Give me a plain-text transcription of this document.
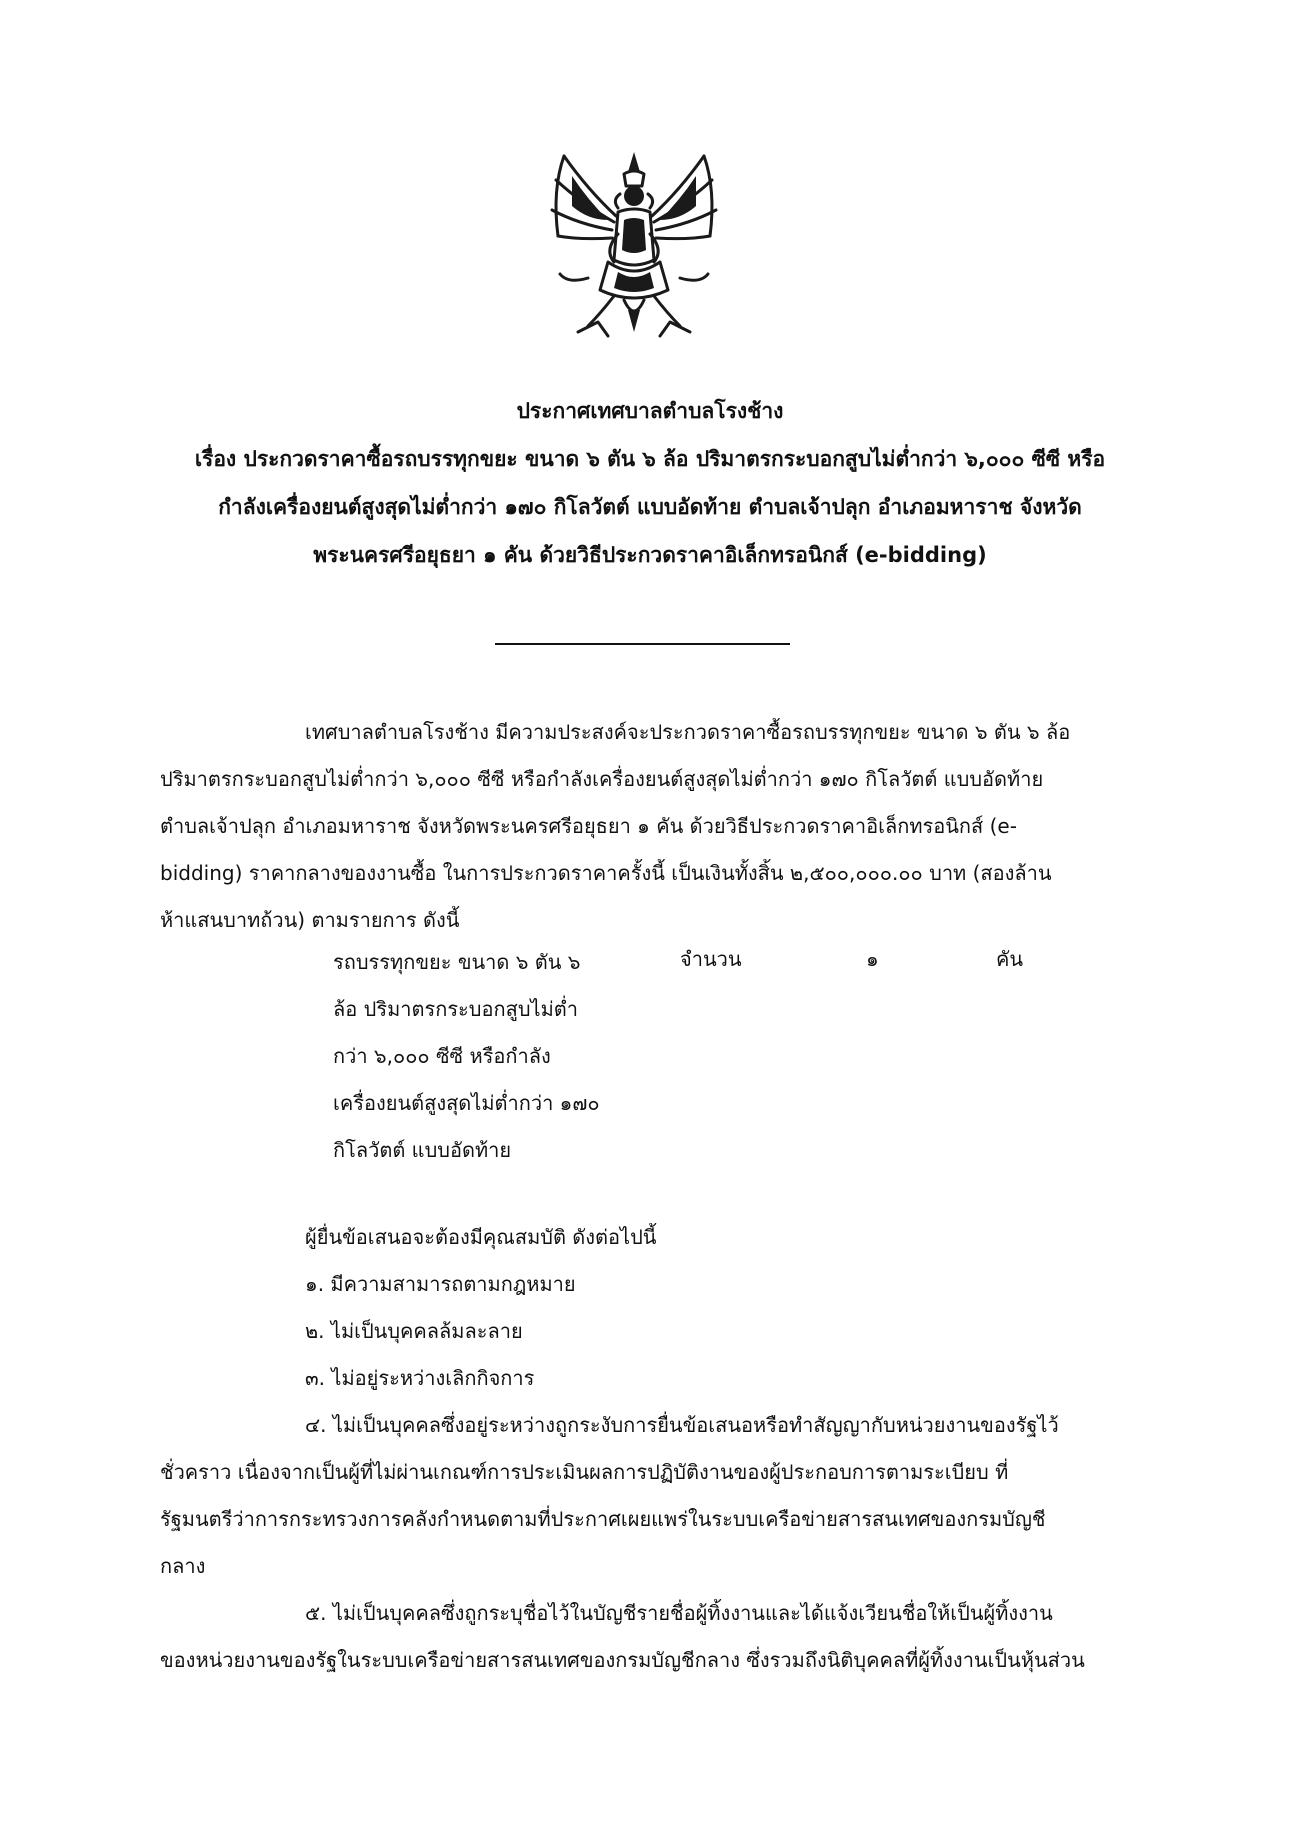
ประกาศเทศบาลตำบลโรงช้าง
เรื่อง ประกวดราคาซื้อรถบรรทุกขยะ ขนาด ๖ ตัน ๖ ล้อ ปริมาตรกระบอกสูบไม่ต่ำกว่า ๖,๐๐๐ ซีซี หรือ
กำลังเครื่องยนต์สูงสุดไม่ต่ำกว่า ๑๗๐ กิโลวัตต์ แบบอัดท้าย ตำบลเจ้าปลุก อำเภอมหาราช จังหวัด
พระนครศรีอยุธยา ๑ คัน ด้วยวิธีประกวดราคาอิเล็กทรอนิกส์ (e-bidding)
เทศบาลตำบลโรงช้าง มีความประสงค์จะประกวดราคาซื้อรถบรรทุกขยะ ขนาด ๖ ตัน ๖ ล้อ
ปริมาตรกระบอกสูบไม่ต่ำกว่า ๖,๐๐๐ ซีซี หรือกำลังเครื่องยนต์สูงสุดไม่ต่ำกว่า ๑๗๐ กิโลวัตต์ แบบอัดท้าย
ตำบลเจ้าปลุก อำเภอมหาราช จังหวัดพระนครศรีอยุธยา ๑ คัน ด้วยวิธีประกวดราคาอิเล็กทรอนิกส์ (e-
bidding) ราคากลางของงานซื้อ ในการประกวดราคาครั้งนี้ เป็นเงินทั้งสิ้น ๒,๕๐๐,๐๐๐.๐๐ บาท (สองล้าน
ห้าแสนบาทถ้วน) ตามรายการ ดังนี้
รถบรรทุกขยะ ขนาด ๖ ตัน ๖
ล้อ ปริมาตรกระบอกสูบไม่ต่ำ
กว่า ๖,๐๐๐ ซีซี หรือกำลัง
เครื่องยนต์สูงสุดไม่ต่ำกว่า ๑๗๐
กิโลวัตต์ แบบอัดท้าย
จำนวน	๑	คัน
ผู้ยื่นข้อเสนอจะต้องมีคุณสมบัติ ดังต่อไปนี้
๑. มีความสามารถตามกฎหมาย
๒. ไม่เป็นบุคคลล้มละลาย
๓. ไม่อยู่ระหว่างเลิกกิจการ
๔. ไม่เป็นบุคคลซึ่งอยู่ระหว่างถูกระงับการยื่นข้อเสนอหรือทำสัญญากับหน่วยงานของรัฐไว้
ชั่วคราว เนื่องจากเป็นผู้ที่ไม่ผ่านเกณฑ์การประเมินผลการปฏิบัติงานของผู้ประกอบการตามระเบียบ ที่
รัฐมนตรีว่าการกระทรวงการคลังกำหนดตามที่ประกาศเผยแพร่ในระบบเครือข่ายสารสนเทศของกรมบัญชี
กลาง
๕. ไม่เป็นบุคคลซึ่งถูกระบุชื่อไว้ในบัญชีรายชื่อผู้ทิ้งงานและได้แจ้งเวียนชื่อให้เป็นผู้ทิ้งงาน
ของหน่วยงานของรัฐในระบบเครือข่ายสารสนเทศของกรมบัญชีกลาง ซึ่งรวมถึงนิติบุคคลที่ผู้ทิ้งงานเป็นหุ้นส่วน
